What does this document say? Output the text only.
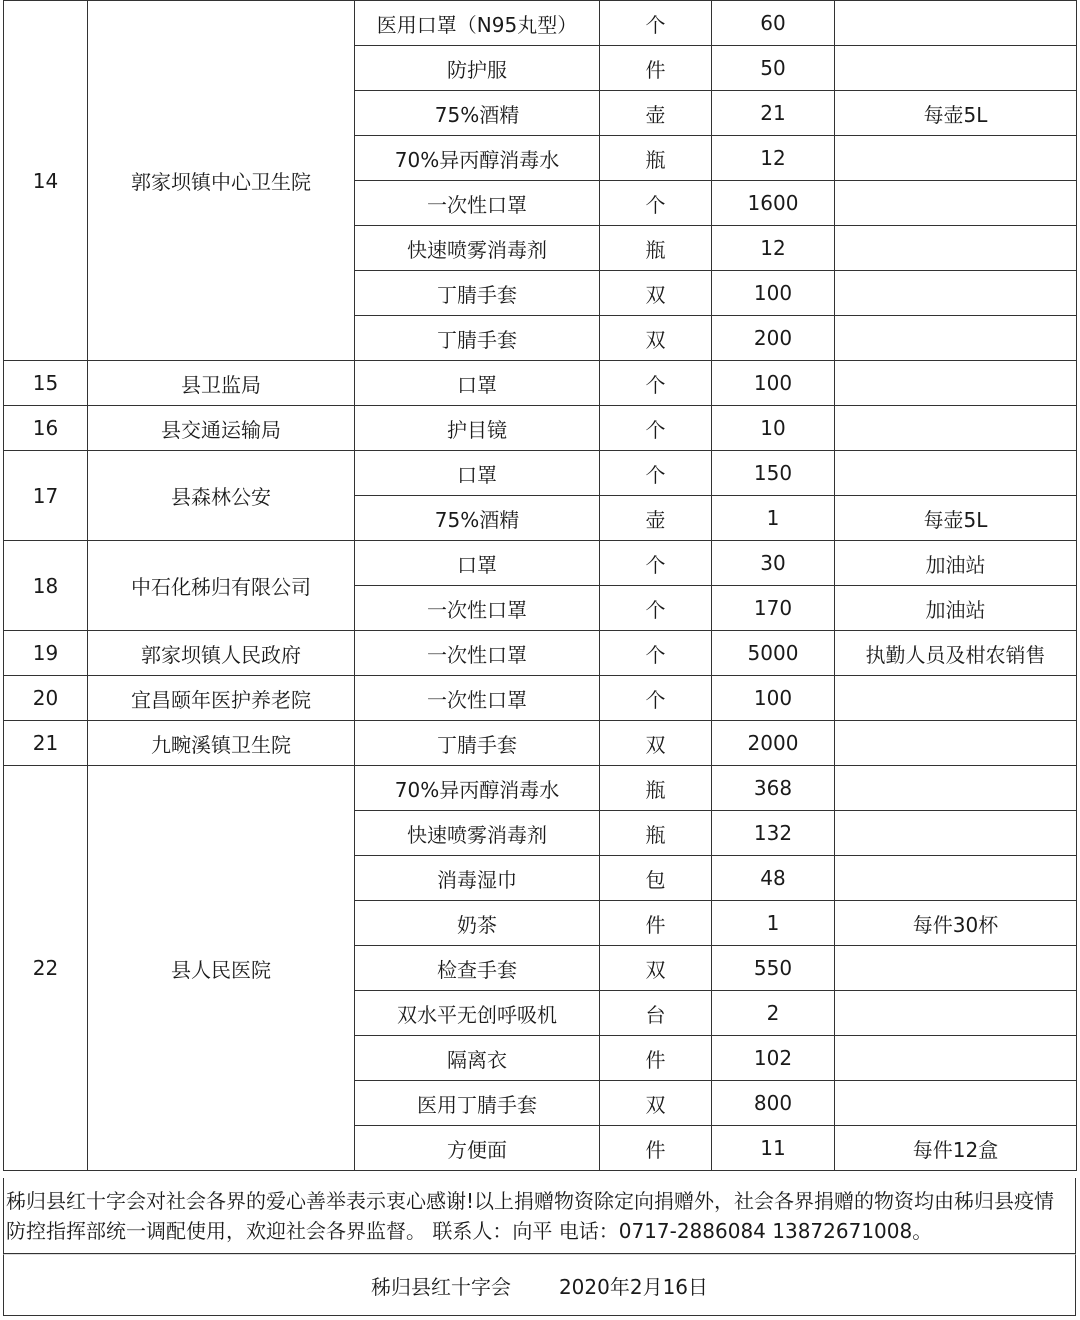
14	郭家坝镇中心卫生院	医用口罩（N95丸型）	个	60	
		防护服	件	50	
		75%酒精	壶	21	每壶5L
		70%异丙醇消毒水	瓶	12	
		一次性口罩	个	1600	
		快速喷雾消毒剂	瓶	12	
		丁腈手套	双	100	
		丁腈手套	双	200	
15	县卫监局	口罩	个	100	
16	县交通运输局	护目镜	个	10	
17	县森林公安	口罩	个	150	
		75%酒精	壶	1	每壶5L
18	中石化秭归有限公司	口罩	个	30	加油站
		一次性口罩	个	170	加油站
19	郭家坝镇人民政府	一次性口罩	个	5000	执勤人员及柑农销售
20	宜昌颐年医护养老院	一次性口罩	个	100	
21	九畹溪镇卫生院	丁腈手套	双	2000	
22	县人民医院	70%异丙醇消毒水	瓶	368	
		快速喷雾消毒剂	瓶	132	
		消毒湿巾	包	48	
		奶茶	件	1	每件30杯
		检查手套	双	550	
		双水平无创呼吸机	台	2	
		隔离衣	件	102	
		医用丁腈手套	双	800	
		方便面	件	11	每件12盒
秭归县红十字会对社会各界的爱心善举表示衷心感谢!以上捐赠物资除定向捐赠外，社会各界捐赠的物资均由秭归县疫情防控指挥部统一调配使用，欢迎社会各界监督。 联系人：向平 电话：0717-2886084 13872671008。
秭归县红十字会 2020年2月16日
